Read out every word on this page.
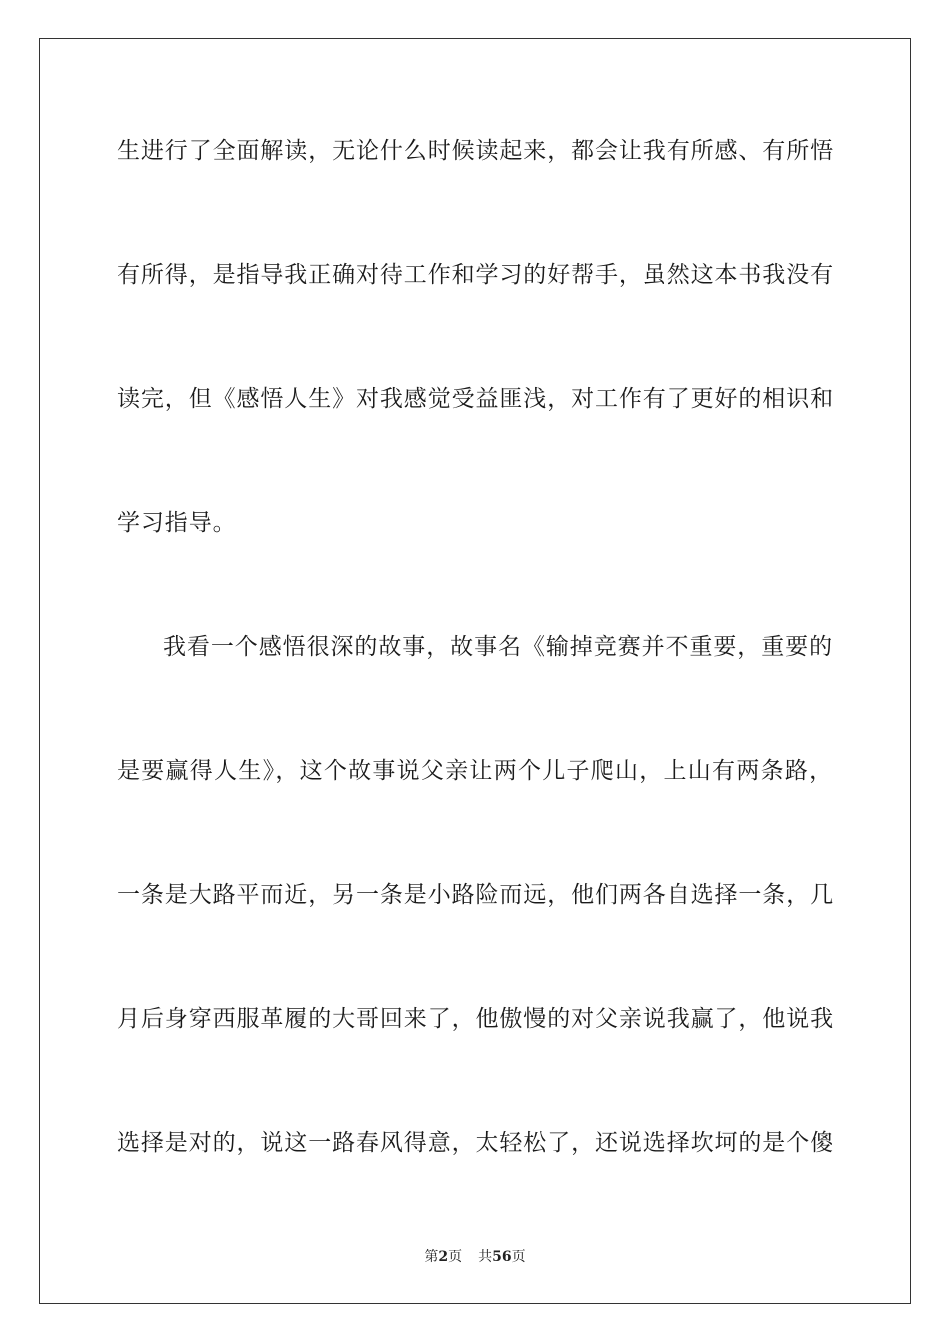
生进行了全面解读，无论什么时候读起来，都会让我有所感、有所悟
有所得，是指导我正确对待工作和学习的好帮手，虽然这本书我没有
读完，但《感悟人生》对我感觉受益匪浅，对工作有了更好的相识和
学习指导。
我看一个感悟很深的故事，故事名《输掉竞赛并不重要，重要的
是要赢得人生》，这个故事说父亲让两个儿子爬山，上山有两条路，
一条是大路平而近，另一条是小路险而远，他们两各自选择一条，几
月后身穿西服革履的大哥回来了，他傲慢的对父亲说我赢了，他说我
选择是对的，说这一路春风得意，太轻松了，还说选择坎坷的是个傻
第2页 共56页
